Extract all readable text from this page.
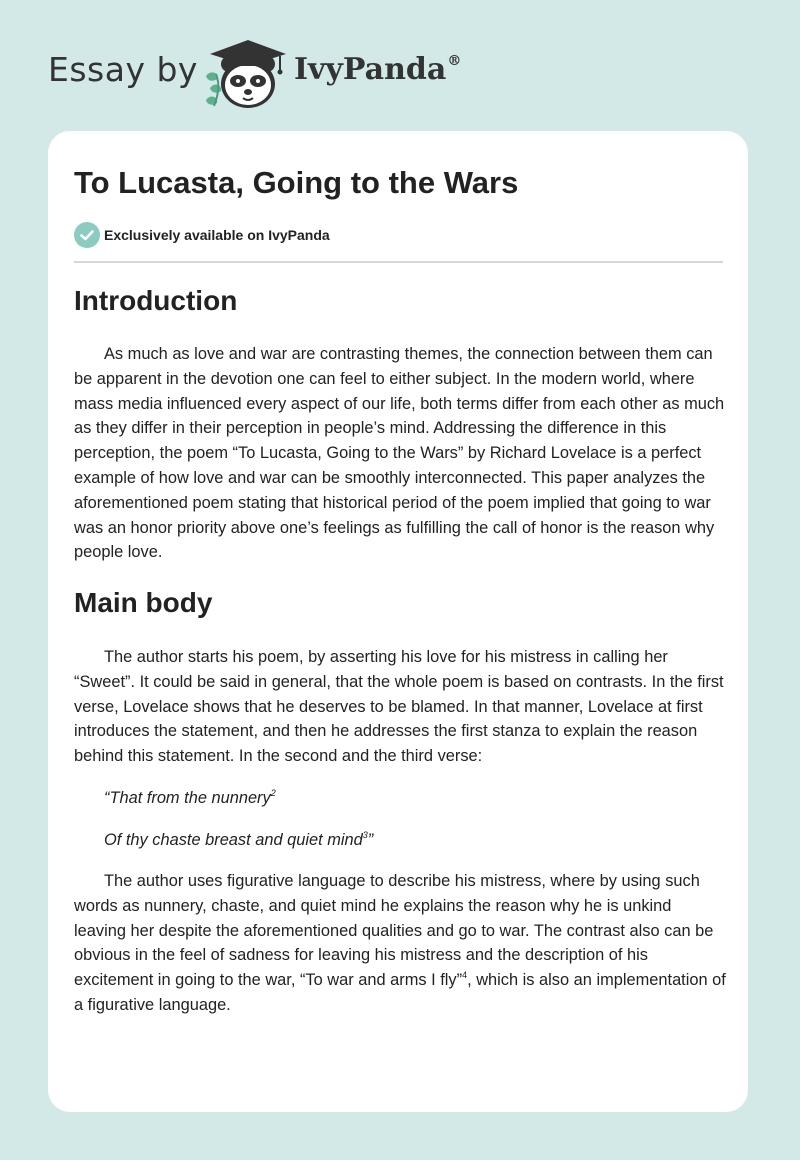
Essay by	IvyPanda®
To Lucasta, Going to the Wars
Exclusively available on IvyPanda
Introduction

As much as love and war are contrasting themes, the connection between them can be apparent in the devotion one can feel to either subject. In the modern world, where mass media influenced every aspect of our life, both terms differ from each other as much as they differ in their perception in people’s mind. Addressing the difference in this perception, the poem “To Lucasta, Going to the Wars” by Richard Lovelace is a perfect example of how love and war can be smoothly interconnected. This paper analyzes the aforementioned poem stating that historical period of the poem implied that going to war was an honor priority above one’s feelings as fulfilling the call of honor is the reason why people love.

Main body

The author starts his poem, by asserting his love for his mistress in calling her “Sweet”. It could be said in general, that the whole poem is based on contrasts. In the first verse, Lovelace shows that he deserves to be blamed. In that manner, Lovelace at first introduces the statement, and then he addresses the first stanza to explain the reason behind this statement. In the second and the third verse:

“That from the nunnery$^2$

Of thy chaste breast and quiet mind$^3$”

The author uses figurative language to describe his mistress, where by using such words as nunnery, chaste, and quiet mind he explains the reason why he is unkind leaving her despite the aforementioned qualities and go to war. The contrast also can be obvious in the feel of sadness for leaving his mistress and the description of his excitement in going to the war, “To war and arms I fly”$^4$, which is also an implementation of a figurative language.
